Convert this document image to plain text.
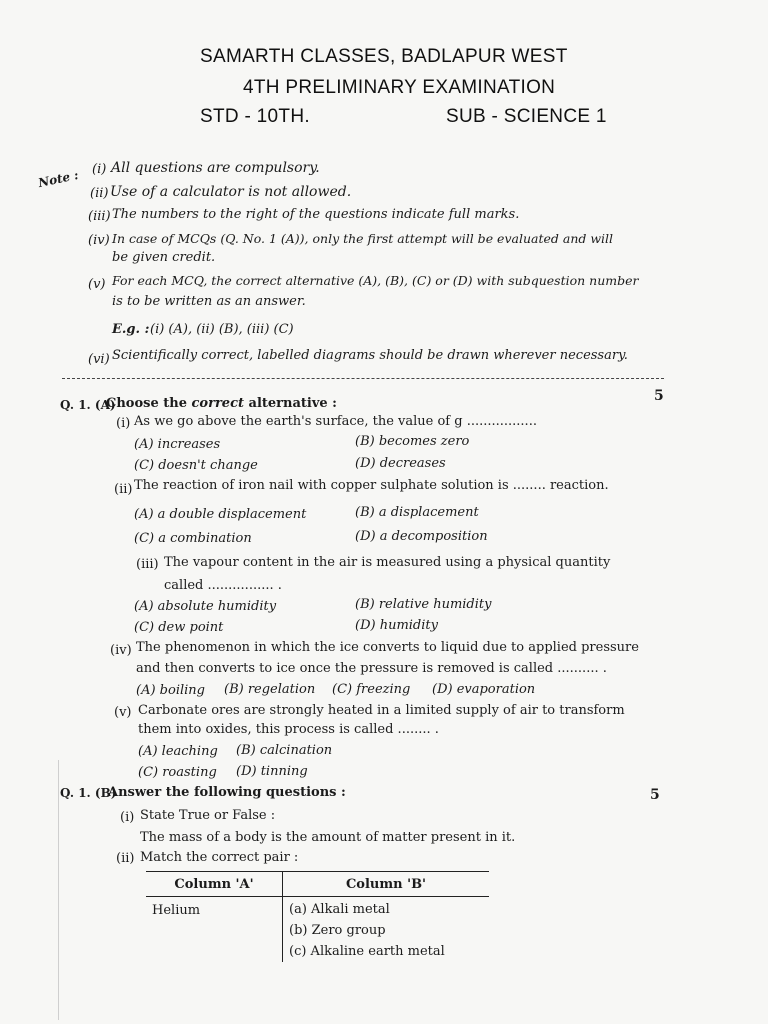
SAMARTH CLASSES, BADLAPUR WEST
4TH PRELIMINARY EXAMINATION
STD - 10TH.	SUB - SCIENCE 1
Note : (i) All questions are compulsory.
(ii) Use of a calculator is not allowed.
(iii) The numbers to the right of the questions indicate full marks.
(iv) In case of MCQs (Q. No. 1 (A)), only the first attempt will be evaluated and will
be given credit.
(v) For each MCQ, the correct alternative (A), (B), (C) or (D) with subquestion number
is to be written as an answer.
E.g. : (i) (A), (ii) (B), (iii) (C)
(vi) Scientifically correct, labelled diagrams should be drawn wherever necessary.
Q. 1. (A)
Choose the correct alternative :	5
(i) As we go above the earth's surface, the value of g .................
(A) increases	(B) becomes zero
(C) doesn't change	(D) decreases
(ii) The reaction of iron nail with copper sulphate solution is ........ reaction.
(A) a double displacement	(B) a displacement
(C) a combination	(D) a decomposition
(iii) The vapour content in the air is measured using a physical quantity
called ................ .
(A) absolute humidity	(B) relative humidity
(C) dew point	(D) humidity
(iv) The phenomenon in which the ice converts to liquid due to applied pressure
and then converts to ice once the pressure is removed is called .......... .
(A) boiling (B) regelation (C) freezing (D) evaporation
(v) Carbonate ores are strongly heated in a limited supply of air to transform
them into oxides, this process is called ........ .
(A) leaching (B) calcination
(C) roasting (D) tinning
Q. 1. (B)
Answer the following questions :	5
(i) State True or False :
The mass of a body is the amount of matter present in it.
(ii) Match the correct pair :
Column 'A'	Column 'B'
Helium	(a) Alkali metal
(b) Zero group
(c) Alkaline earth metal
